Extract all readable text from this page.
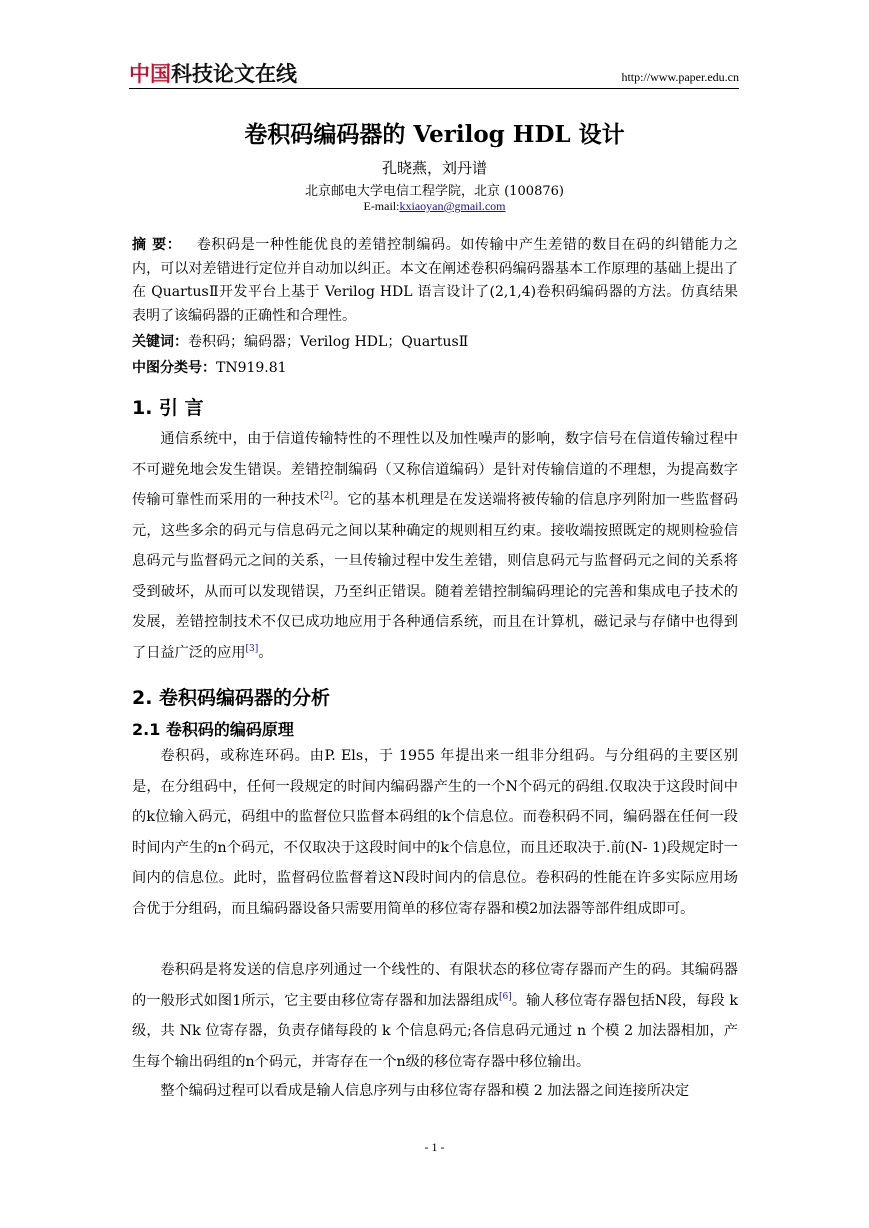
中国科技论文在线	http://www.paper.edu.cn
卷积码编码器的 Verilog HDL 设计
孔晓燕，刘丹谱
北京邮电大学电信工程学院，北京 (100876)
E-mail:kxiaoyan@gmail.com
摘 要： 卷积码是一种性能优良的差错控制编码。如传输中产生差错的数目在码的纠错能力之内，可以对差错进行定位并自动加以纠正。本文在阐述卷积码编码器基本工作原理的基础上提出了在 QuartusⅡ开发平台上基于 Verilog HDL 语言设计了(2,1,4)卷积码编码器的方法。仿真结果表明了该编码器的正确性和合理性。
关键词：卷积码；编码器；Verilog HDL；QuartusⅡ
中图分类号：TN919.81
1. 引 言
通信系统中，由于信道传输特性的不理性以及加性噪声的影响，数字信号在信道传输过程中不可避免地会发生错误。差错控制编码（又称信道编码）是针对传输信道的不理想，为提高数字传输可靠性而采用的一种技术[2]。它的基本机理是在发送端将被传输的信息序列附加一些监督码元，这些多余的码元与信息码元之间以某种确定的规则相互约束。接收端按照既定的规则检验信息码元与监督码元之间的关系，一旦传输过程中发生差错，则信息码元与监督码元之间的关系将受到破坏，从而可以发现错误，乃至纠正错误。随着差错控制编码理论的完善和集成电子技术的发展，差错控制技术不仅已成功地应用于各种通信系统，而且在计算机，磁记录与存储中也得到了日益广泛的应用[3]。
2. 卷积码编码器的分析
2.1 卷积码的编码原理
卷积码，或称连环码。由P. Els，于 1955 年提出来一组非分组码。与分组码的主要区别是，在分组码中，任何一段规定的时间内编码器产生的一个N个码元的码组.仅取决于这段时间中的k位输入码元，码组中的监督位只监督本码组的k个信息位。而卷积码不同，编码器在任何一段时间内产生的n个码元，不仅取决于这段时间中的k个信息位，而且还取决于.前(N- 1)段规定时一间内的信息位。此时，监督码位监督着这N段时间内的信息位。卷积码的性能在许多实际应用场合优于分组码，而且编码器设备只需要用简单的移位寄存器和模2加法器等部件组成即可。
卷积码是将发送的信息序列通过一个线性的、有限状态的移位寄存器而产生的码。其编码器的一般形式如图1所示，它主要由移位寄存器和加法器组成[6]。输人移位寄存器包括N段，每段 k 级，共 Nk 位寄存器，负责存储每段的 k 个信息码元;各信息码元通过 n 个模 2 加法器相加，产生每个输出码组的n个码元，并寄存在一个n级的移位寄存器中移位输出。
整个编码过程可以看成是输人信息序列与由移位寄存器和模 2 加法器之间连接所决定
- 1 -
